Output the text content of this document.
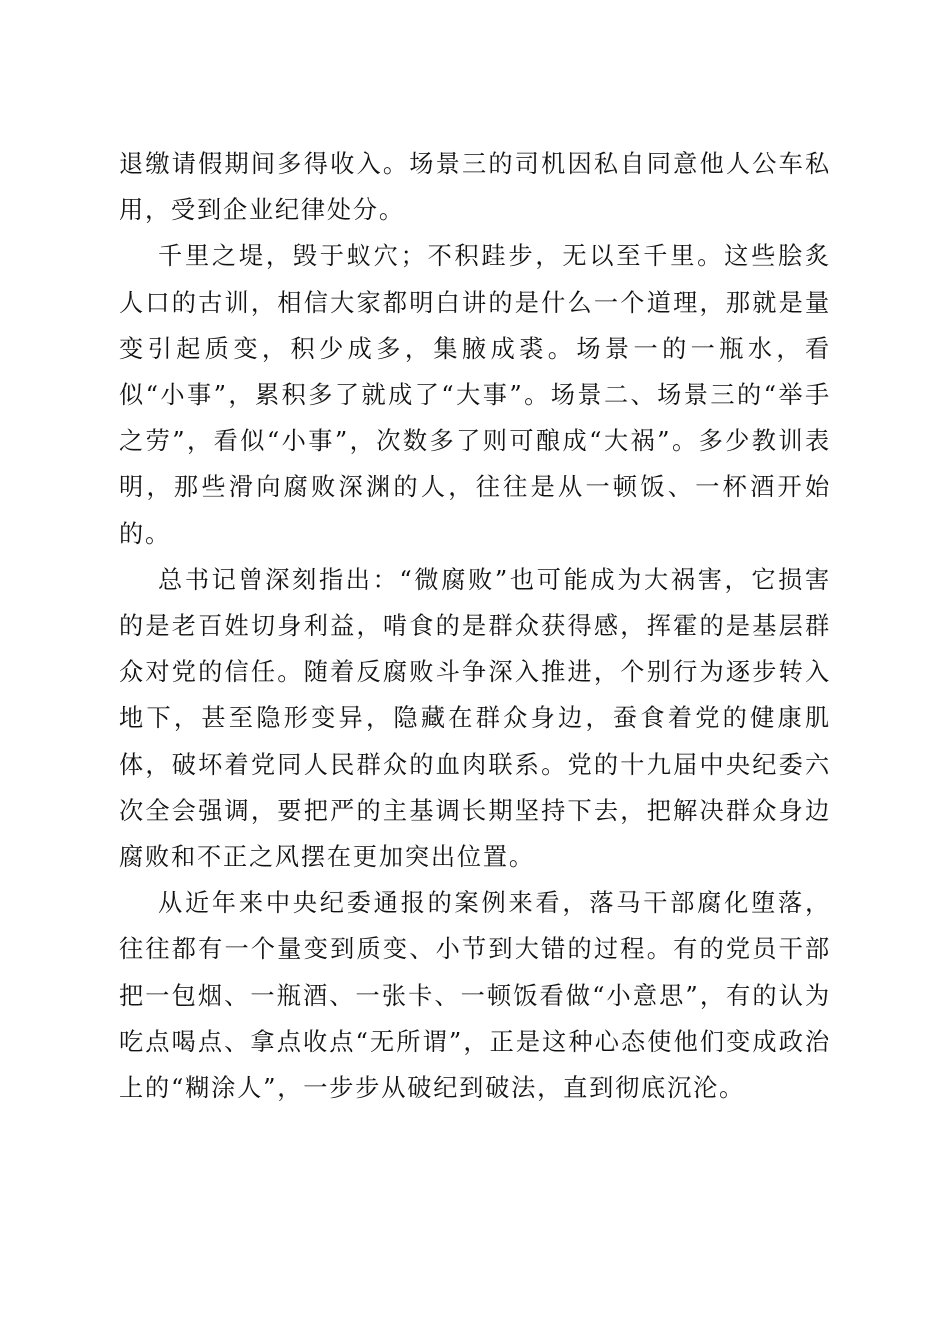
退缴请假期间多得收入。场景三的司机因私自同意他人公车私用，受到企业纪律处分。

千里之堤，毁于蚁穴；不积跬步，无以至千里。这些脍炙人口的古训，相信大家都明白讲的是什么一个道理，那就是量变引起质变，积少成多，集腋成裘。场景一的一瓶水，看似“小事”，累积多了就成了“大事”。场景二、场景三的“举手之劳”，看似“小事”，次数多了则可酿成“大祸”。多少教训表明，那些滑向腐败深渊的人，往往是从一顿饭、一杯酒开始的。

总书记曾深刻指出：“微腐败”也可能成为大祸害，它损害的是老百姓切身利益，啃食的是群众获得感，挥霍的是基层群众对党的信任。随着反腐败斗争深入推进，个别行为逐步转入地下，甚至隐形变异，隐藏在群众身边，蚕食着党的健康肌体，破坏着党同人民群众的血肉联系。党的十九届中央纪委六次全会强调，要把严的主基调长期坚持下去，把解决群众身边腐败和不正之风摆在更加突出位置。

从近年来中央纪委通报的案例来看，落马干部腐化堕落，往往都有一个量变到质变、小节到大错的过程。有的党员干部把一包烟、一瓶酒、一张卡、一顿饭看做“小意思”，有的认为吃点喝点、拿点收点“无所谓”，正是这种心态使他们变成政治上的“糊涂人”，一步步从破纪到破法，直到彻底沉沦。
